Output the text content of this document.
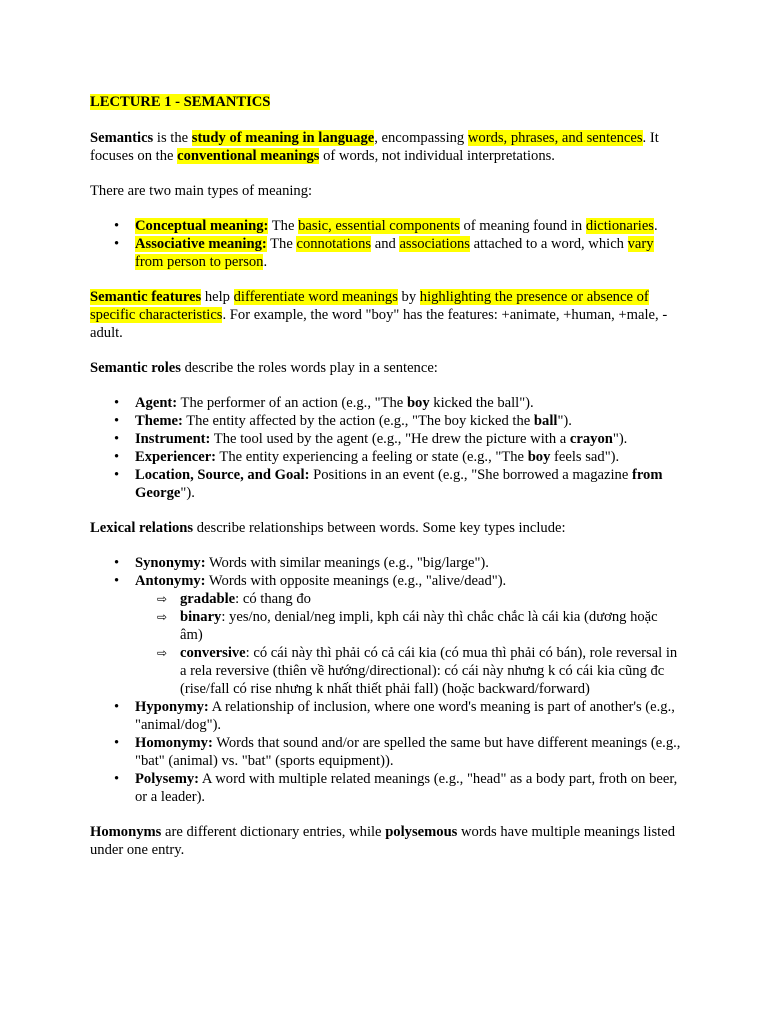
LECTURE 1 - SEMANTICS

Semantics is the study of meaning in language, encompassing words, phrases, and sentences. It focuses on the conventional meanings of words, not individual interpretations.

There are two main types of meaning:

• Conceptual meaning: The basic, essential components of meaning found in dictionaries.
• Associative meaning: The connotations and associations attached to a word, which vary from person to person.

Semantic features help differentiate word meanings by highlighting the presence or absence of specific characteristics. For example, the word "boy" has the features: +animate, +human, +male, -adult.

Semantic roles describe the roles words play in a sentence:

• Agent: The performer of an action (e.g., "The boy kicked the ball").
• Theme: The entity affected by the action (e.g., "The boy kicked the ball").
• Instrument: The tool used by the agent (e.g., "He drew the picture with a crayon").
• Experiencer: The entity experiencing a feeling or state (e.g., "The boy feels sad").
• Location, Source, and Goal: Positions in an event (e.g., "She borrowed a magazine from George").

Lexical relations describe relationships between words. Some key types include:

• Synonymy: Words with similar meanings (e.g., "big/large").
• Antonymy: Words with opposite meanings (e.g., "alive/dead").
⇨ gradable: có thang đo
⇨ binary: yes/no, denial/neg impli, kph cái này thì chắc chắc là cái kia (dương hoặc âm)
⇨ conversive: có cái này thì phải có cả cái kia (có mua thì phải có bán), role reversal in a rela reversive (thiên về hướng/directional): có cái này nhưng k có cái kia cũng đc (rise/fall có rise nhưng k nhất thiết phải fall) (hoặc backward/forward)
• Hyponymy: A relationship of inclusion, where one word's meaning is part of another's (e.g., "animal/dog").
• Homonymy: Words that sound and/or are spelled the same but have different meanings (e.g., "bat" (animal) vs. "bat" (sports equipment)).
• Polysemy: A word with multiple related meanings (e.g., "head" as a body part, froth on beer, or a leader).

Homonyms are different dictionary entries, while polysemous words have multiple meanings listed under one entry.
